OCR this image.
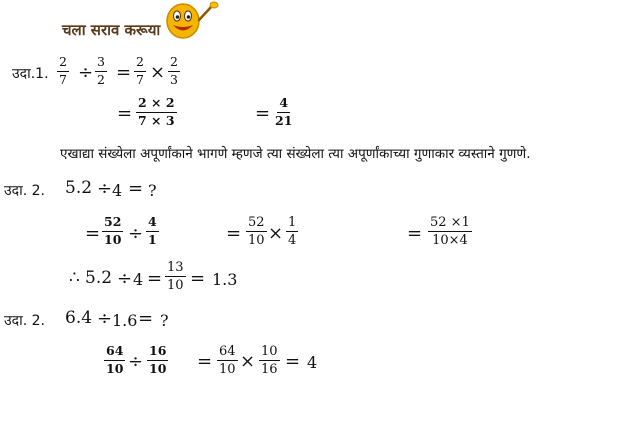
चला सराव करूया
उदा.1. $\frac{2}{7} \div \frac{3}{2} = \frac{2}{7} \times \frac{2}{3}$
= $\frac{2 \times 2}{7 \times 3}$	= $\frac{4}{21}$
एखाद्या संख्येला अपूर्णांकाने भागणे म्हणजे त्या संख्येला त्या अपूर्णांकाच्या गुणाकार व्यस्ताने गुणणे.
उदा. 2. 5.2 ÷ 4 = ?
= $\frac{52}{10} \div \frac{4}{1}$	= $\frac{52}{10} \times \frac{1}{4}$	= $\frac{52 \times 1}{10\times 4}$
∴ $5.2 \div 4 = \frac{13}{10} = 1.3$
उदा. 2. 6.4 ÷ 1.6 = ?
$\frac{64}{10} \div \frac{16}{10} = \frac{64}{10} \times \frac{10}{16} = 4$
